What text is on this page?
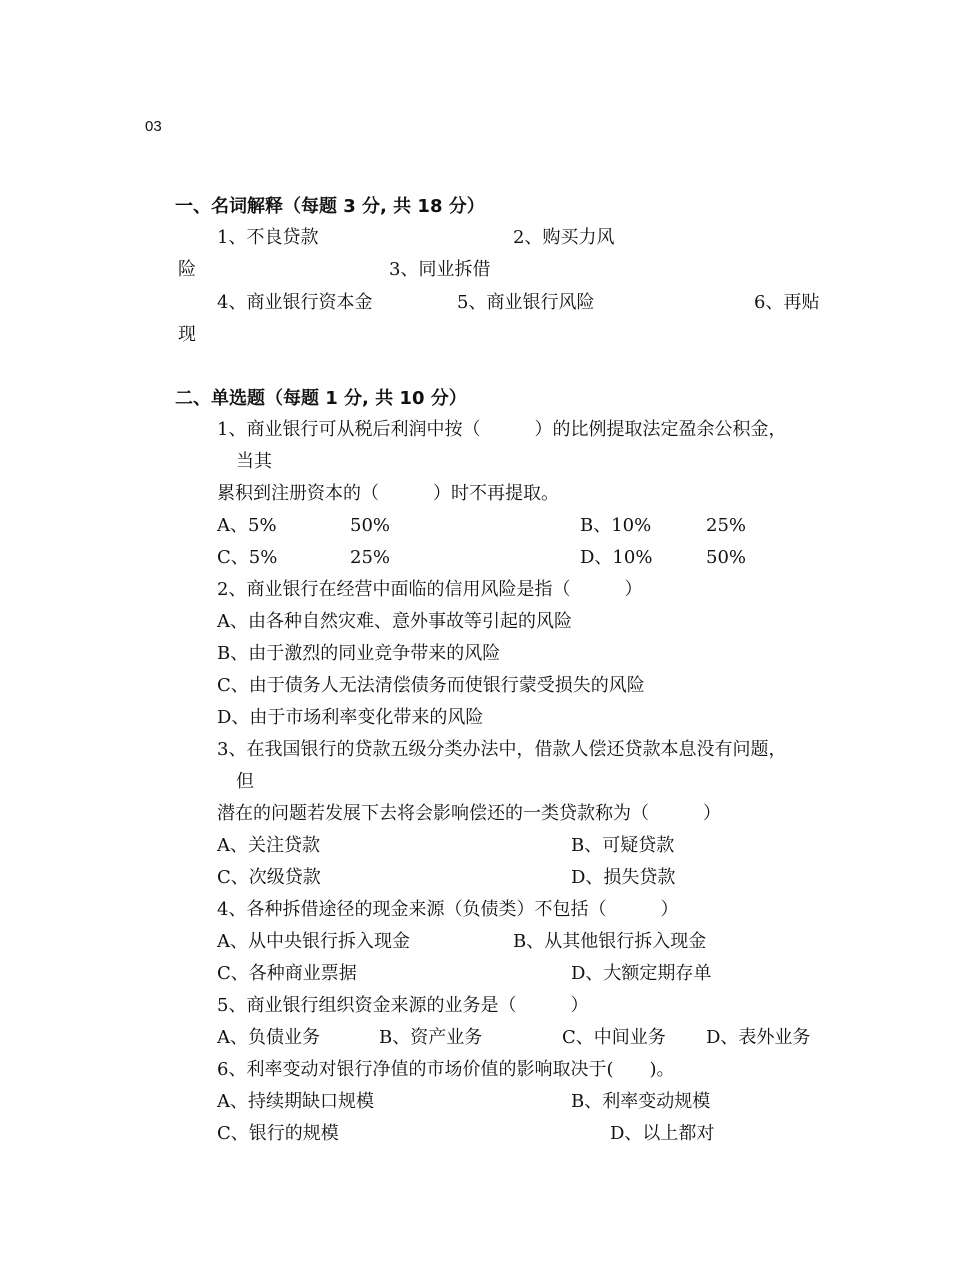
03
一、名词解释（每题 3 分, 共 18 分）
1、不良贷款	2、购买力风
险	3、同业拆借
4、商业银行资本金	5、商业银行风险	6、再贴
现
二、单选题（每题 1 分, 共 10 分）
1、商业银行可从税后利润中按（　　　）的比例提取法定盈余公积金，
当其
累积到注册资本的（　　　）时不再提取。
A、5%	50%	B、10%	25%
C、5%	25%	D、10%	50%
2、商业银行在经营中面临的信用风险是指（　　　）
A、由各种自然灾难、意外事故等引起的风险
B、由于激烈的同业竞争带来的风险
C、由于债务人无法清偿债务而使银行蒙受损失的风险
D、由于市场利率变化带来的风险
3、在我国银行的贷款五级分类办法中，借款人偿还贷款本息没有问题，
但
潜在的问题若发展下去将会影响偿还的一类贷款称为（　　　）
A、关注贷款	B、可疑贷款
C、次级贷款	D、损失贷款
4、各种拆借途径的现金来源（负债类）不包括（　　　）
A、从中央银行拆入现金	B、从其他银行拆入现金
C、各种商业票据	D、大额定期存单
5、商业银行组织资金来源的业务是（　　　）
A、负债业务	B、资产业务	C、中间业务 D、表外业务
6、利率变动对银行净值的市场价值的影响取决于(　　)。
A、持续期缺口规模	B、利率变动规模
C、银行的规模	D、以上都对
